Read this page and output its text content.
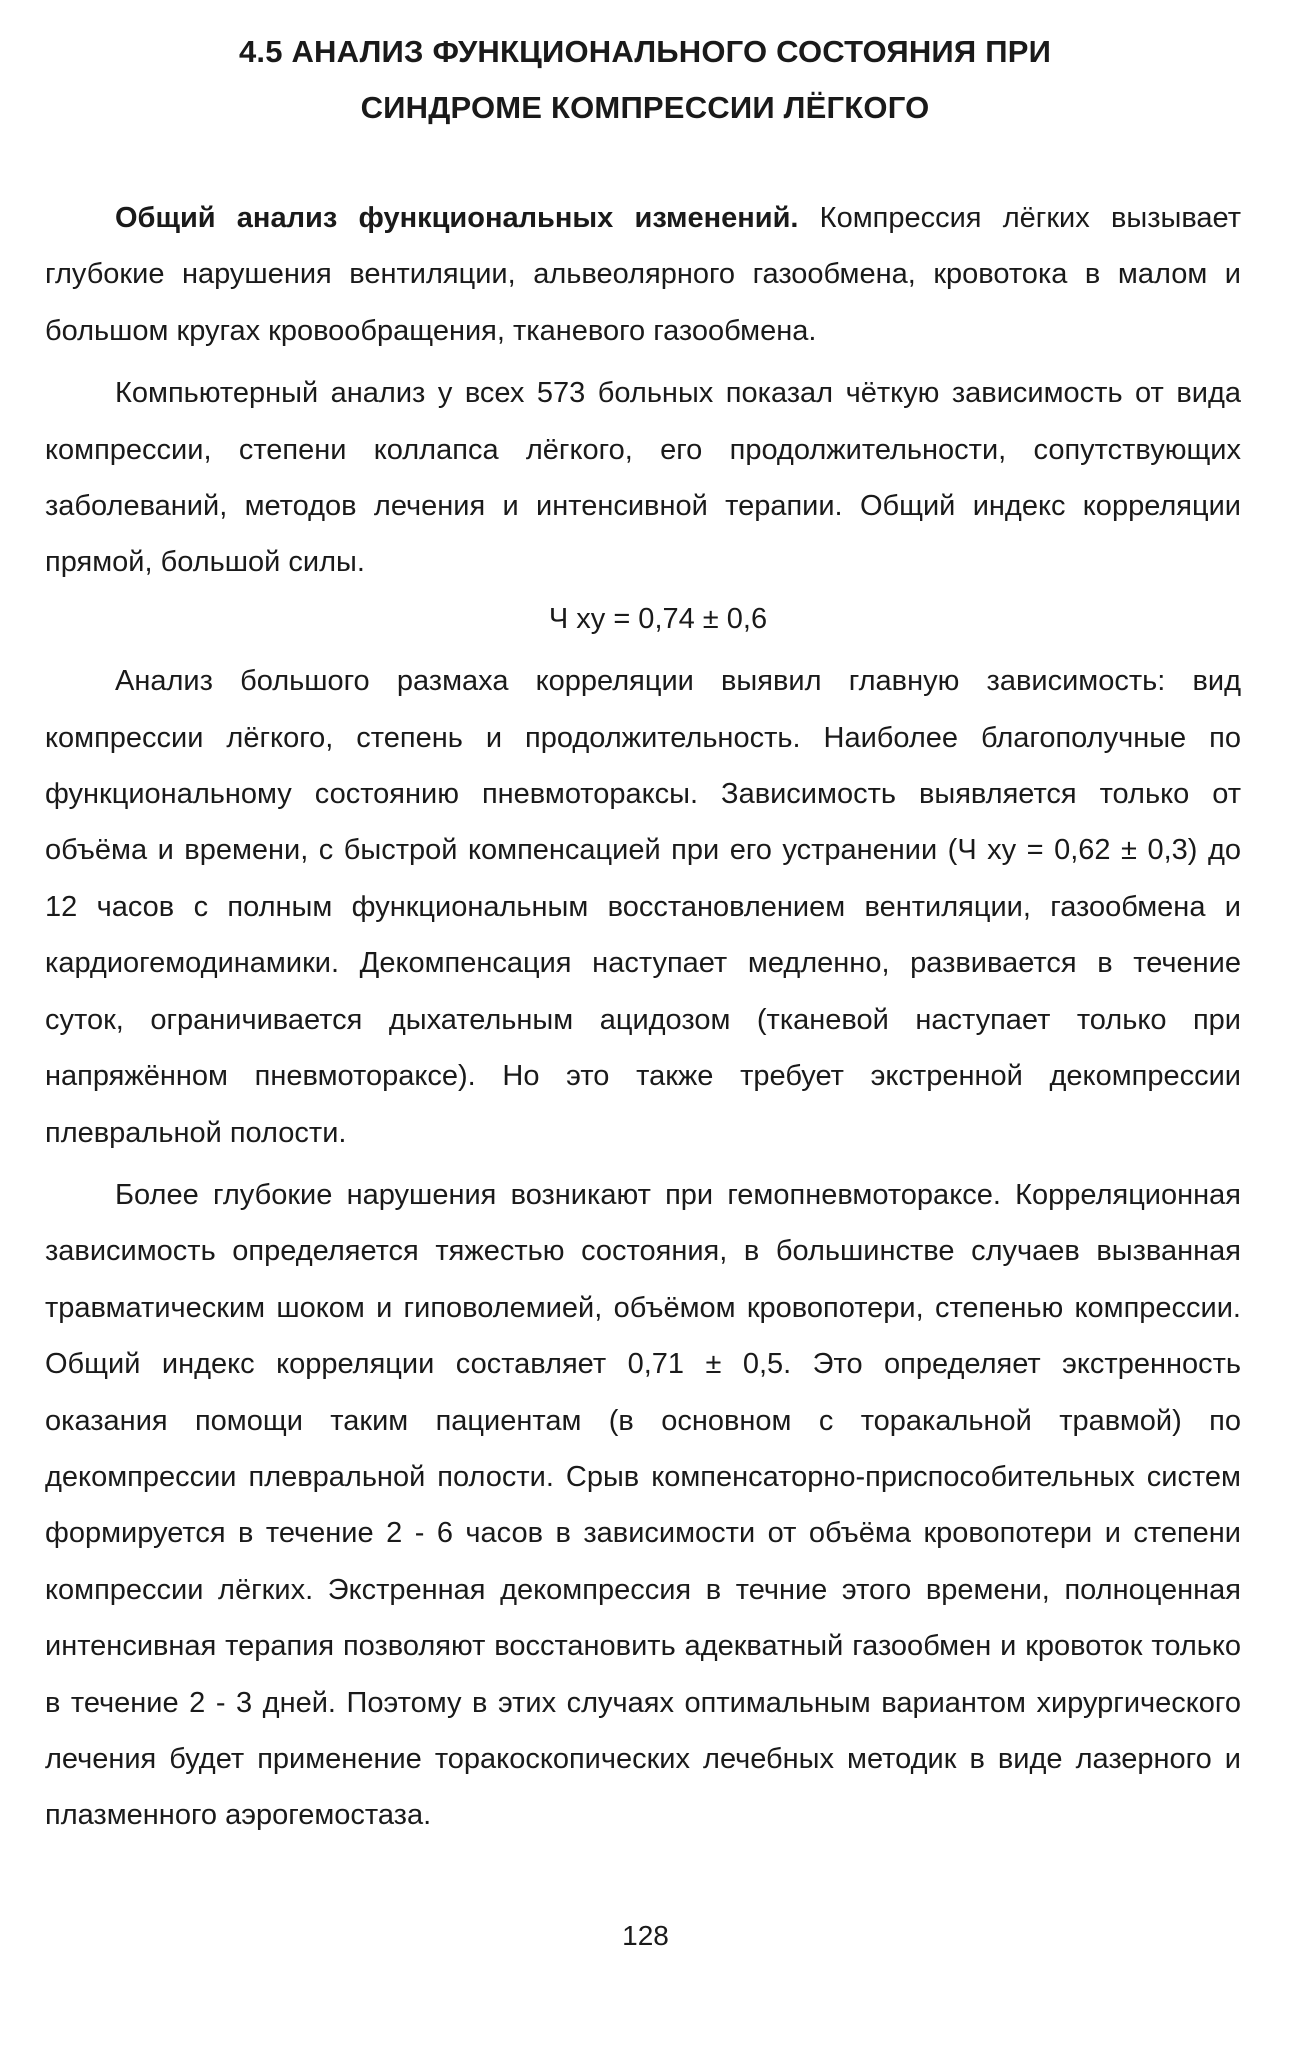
4.5 АНАЛИЗ ФУНКЦИОНАЛЬНОГО СОСТОЯНИЯ ПРИ
СИНДРОМЕ КОМПРЕССИИ ЛЁГКОГО

Общий анализ функциональных изменений. Компрессия лёгких вызывает глубокие нарушения вентиляции, альвеолярного газообмена, кровотока в малом и большом кругах кровообращения, тканевого газообмена.

Компьютерный анализ у всех 573 больных показал чёткую зависимость от вида компрессии, степени коллапса лёгкого, его продолжительности, сопутствующих заболеваний, методов лечения и интенсивной терапии. Общий индекс корреляции прямой, большой силы.

Ч ху = 0,74 ± 0,6

Анализ большого размаха корреляции выявил главную зависимость: вид компрессии лёгкого, степень и продолжительность. Наиболее благополучные по функциональному состоянию пневмотораксы. Зависимость выявляется только от объёма и времени, с быстрой компенсацией при его устранении (Ч ху = 0,62 ± 0,3) до 12 часов с полным функциональным восстановлением вентиляции, газообмена и кардиогемодинамики. Декомпенсация наступает медленно, развивается в течение суток, ограничивается дыхательным ацидозом (тканевой наступает только при напряжённом пневмотораксе). Но это также требует экстренной декомпрессии плевральной полости.

Более глубокие нарушения возникают при гемопневмотораксе. Корреляционная зависимость определяется тяжестью состояния, в большинстве случаев вызванная травматическим шоком и гиповолемией, объёмом кровопотери, степенью компрессии. Общий индекс корреляции составляет 0,71 ± 0,5. Это определяет экстренность оказания помощи таким пациентам (в основном с торакальной травмой) по декомпрессии плевральной полости. Срыв компенсаторно-приспособительных систем формируется в течение 2 - 6 часов в зависимости от объёма кровопотери и степени компрессии лёгких. Экстренная декомпрессия в течние этого времени, полноценная интенсивная терапия позволяют восстановить адекватный газообмен и кровоток только в течение 2 - 3 дней. Поэтому в этих случаях оптимальным вариантом хирургического лечения будет применение торакоскопических лечебных методик в виде лазерного и плазменного аэрогемостаза.

128
